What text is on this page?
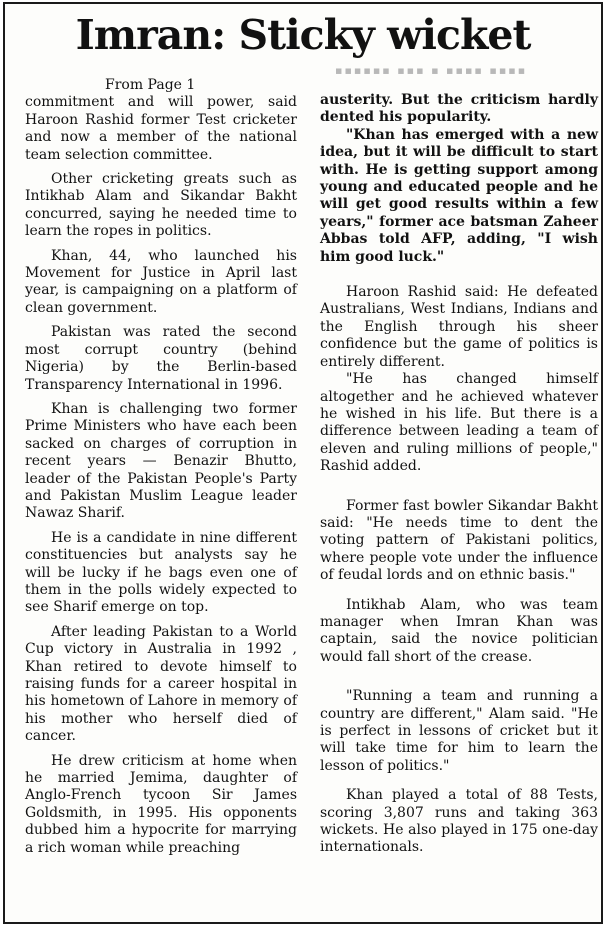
Imran: Sticky wicket
▪▪▪▪▪▪ ▪▪▪ ▪ ▪▪▪▪ ▪▪▪▪

From Page 1

commitment and will power, said Haroon Rashid former Test cricketer and now a member of the national team selection committee.

Other cricketing greats such as Intikhab Alam and Sikandar Bakht concurred, saying he needed time to learn the ropes in politics.

Khan, 44, who launched his Movement for Justice in April last year, is campaigning on a platform of clean government.

Pakistan was rated the second most corrupt country (behind Nigeria) by the Berlin-based Transparency International in 1996.

Khan is challenging two former Prime Ministers who have each been sacked on charges of corruption in recent years — Benazir Bhutto, leader of the Pakistan People's Party and Pakistan Muslim League leader Nawaz Sharif.

He is a candidate in nine different constituencies but analysts say he will be lucky if he bags even one of them in the polls widely expected to see Sharif emerge on top.

After leading Pakistan to a World Cup victory in Australia in 1992 , Khan retired to devote himself to raising funds for a career hospital in his hometown of Lahore in memory of his mother who herself died of cancer.

He drew criticism at home when he married Jemima, daughter of Anglo-French tycoon Sir James Goldsmith, in 1995. His opponents dubbed him a hypocrite for marrying a rich woman while preaching

austerity. But the criticism hardly dented his popularity.

"Khan has emerged with a new idea, but it will be difficult to start with. He is getting support among young and educated people and he will get good results within a few years," former ace batsman Zaheer Abbas told AFP, adding, "I wish him good luck."

Haroon Rashid said: He defeated Australians, West Indians, Indians and the English through his sheer confidence but the game of politics is entirely different.

"He has changed himself altogether and he achieved whatever he wished in his life. But there is a difference between leading a team of eleven and ruling millions of people," Rashid added.

Former fast bowler Sikandar Bakht said: "He needs time to dent the voting pattern of Pakistani politics, where people vote under the influence of feudal lords and on ethnic basis."

Intikhab Alam, who was team manager when Imran Khan was captain, said the novice politician would fall short of the crease.

"Running a team and running a country are different," Alam said. "He is perfect in lessons of cricket but it will take time for him to learn the lesson of politics."

Khan played a total of 88 Tests, scoring 3,807 runs and taking 363 wickets. He also played in 175 one-day internationals.
